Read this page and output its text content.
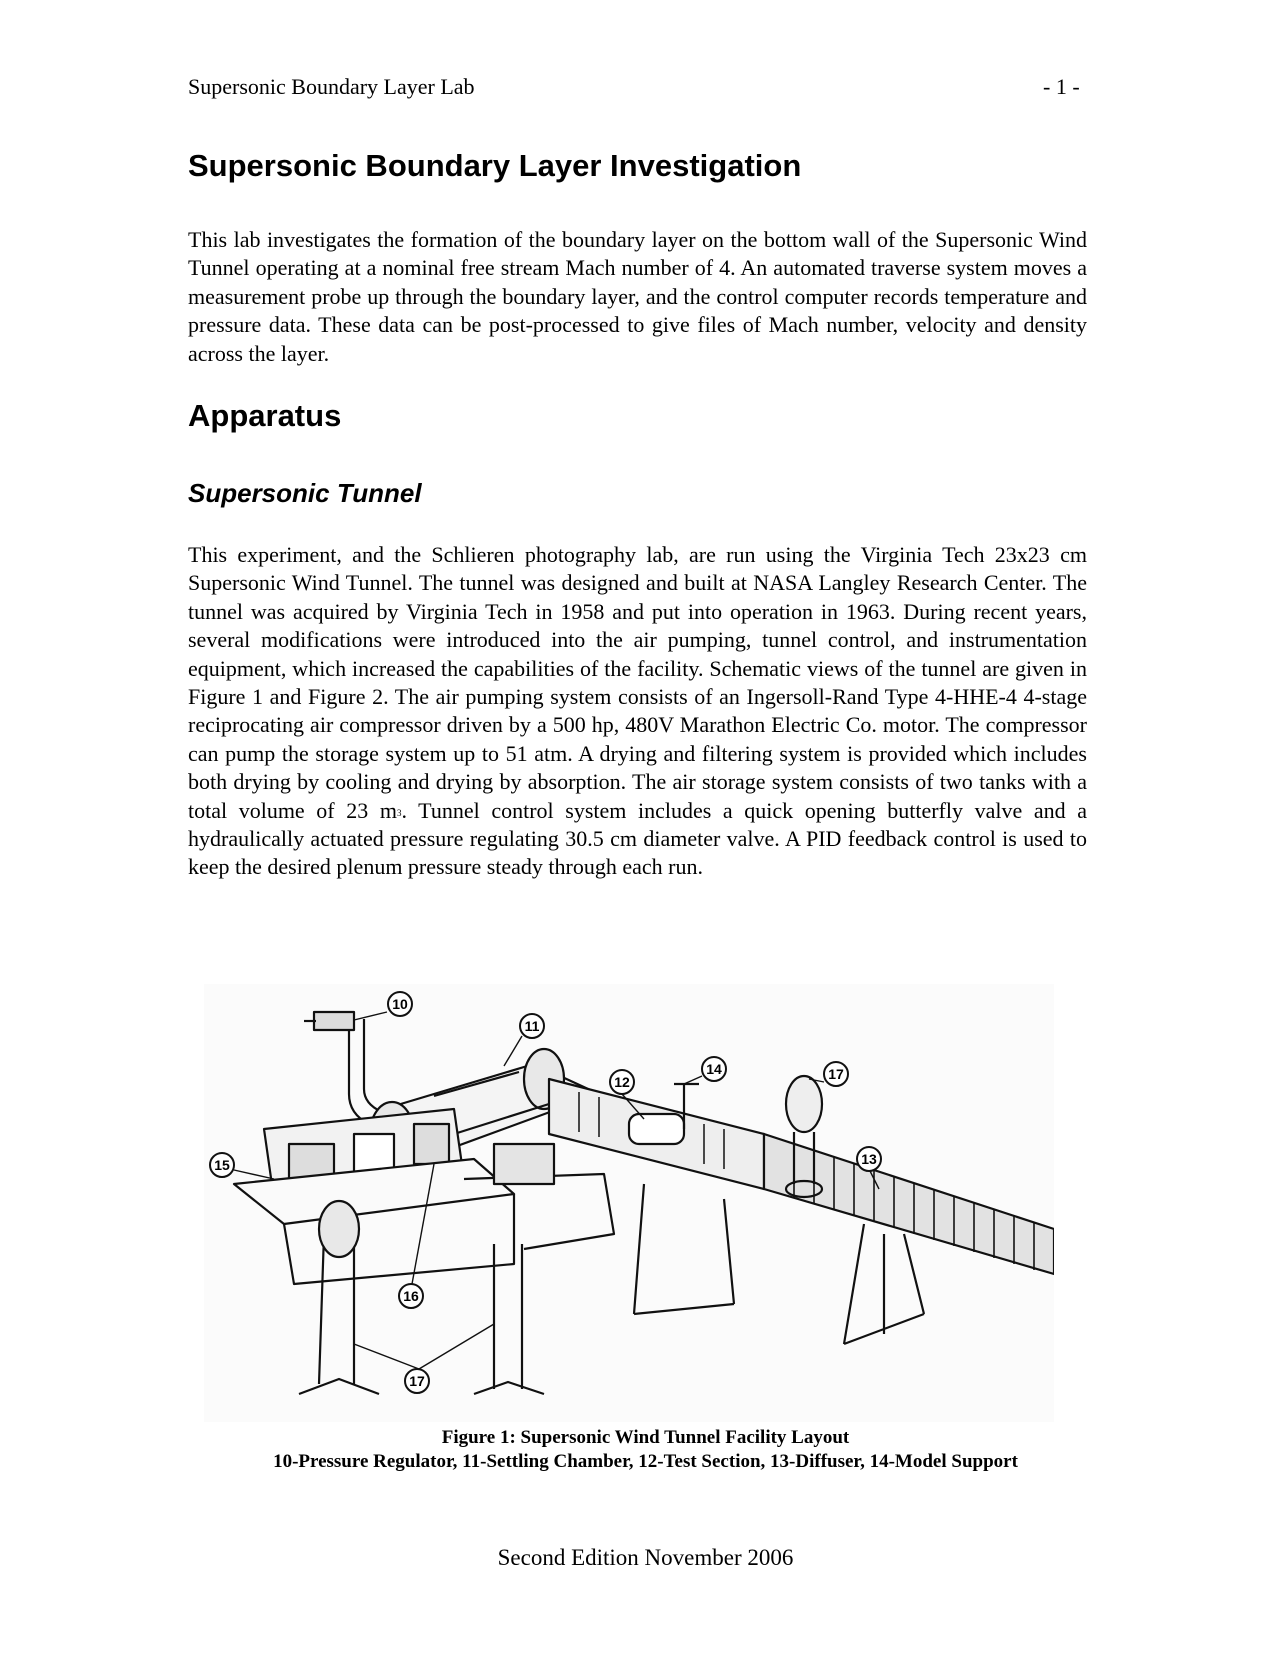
Supersonic Boundary Layer Lab	- 1 -
Supersonic Boundary Layer Investigation

This lab investigates the formation of the boundary layer on the bottom wall of the Supersonic Wind Tunnel operating at a nominal free stream Mach number of 4. An automated traverse system moves a measurement probe up through the boundary layer, and the control computer records temperature and pressure data. These data can be post-processed to give files of Mach number, velocity and density across the layer.

Apparatus
Supersonic Tunnel

This experiment, and the Schlieren photography lab, are run using the Virginia Tech 23x23 cm Supersonic Wind Tunnel. The tunnel was designed and built at NASA Langley Research Center. The tunnel was acquired by Virginia Tech in 1958 and put into operation in 1963. During recent years, several modifications were introduced into the air pumping, tunnel control, and instrumentation equipment, which increased the capabilities of the facility. Schematic views of the tunnel are given in Figure 1 and Figure 2. The air pumping system consists of an Ingersoll-Rand Type 4-HHE-4 4-stage reciprocating air compressor driven by a 500 hp, 480V Marathon Electric Co. motor. The compressor can pump the storage system up to 51 atm. A drying and filtering system is provided which includes both drying by cooling and drying by absorption. The air storage system consists of two tanks with a total volume of 23 $m^3$. Tunnel control system includes a quick opening butterfly valve and a hydraulically actuated pressure regulating 30.5 cm diameter valve. A PID feedback control is used to keep the desired plenum pressure steady through each run.

10
11
12
14	17
15	13
16
17
Figure 1: Supersonic Wind Tunnel Facility Layout
10-Pressure Regulator, 11-Settling Chamber, 12-Test Section, 13-Diffuser, 14-Model Support
Second Edition November 2006
